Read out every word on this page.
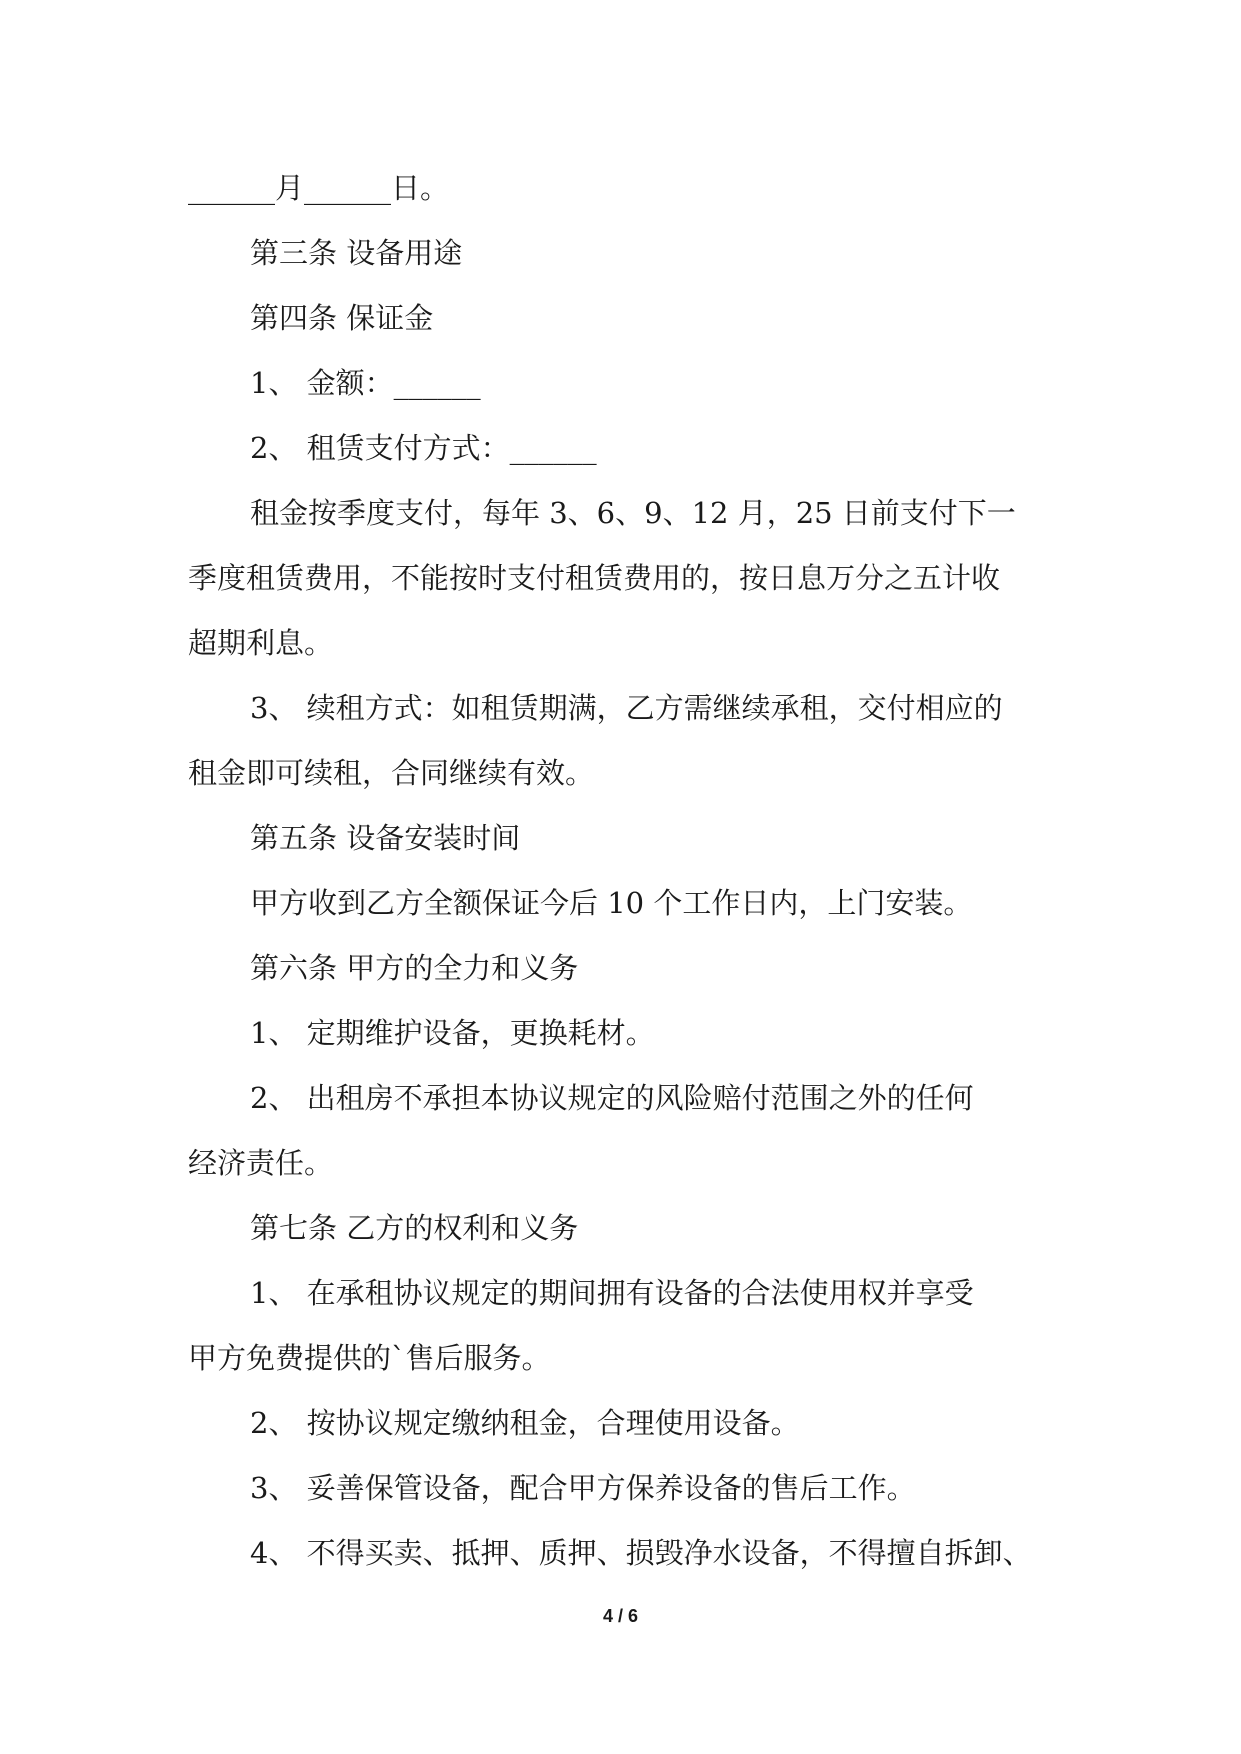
______月______日。

第三条 设备用途

第四条 保证金

1、 金额：______

2、 租赁支付方式：______

租金按季度支付，每年 3、6、9、12 月，25 日前支付下一

季度租赁费用，不能按时支付租赁费用的，按日息万分之五计收

超期利息。

3、 续租方式：如租赁期满，乙方需继续承租，交付相应的

租金即可续租，合同继续有效。

第五条 设备安装时间

甲方收到乙方全额保证今后 10 个工作日内，上门安装。

第六条 甲方的全力和义务

1、 定期维护设备，更换耗材。

2、 出租房不承担本协议规定的风险赔付范围之外的任何

经济责任。

第七条 乙方的权利和义务

1、 在承租协议规定的期间拥有设备的合法使用权并享受

甲方免费提供的`售后服务。

2、 按协议规定缴纳租金，合理使用设备。

3、 妥善保管设备，配合甲方保养设备的售后工作。

4、 不得买卖、抵押、质押、损毁净水设备，不得擅自拆卸、

4 / 6
